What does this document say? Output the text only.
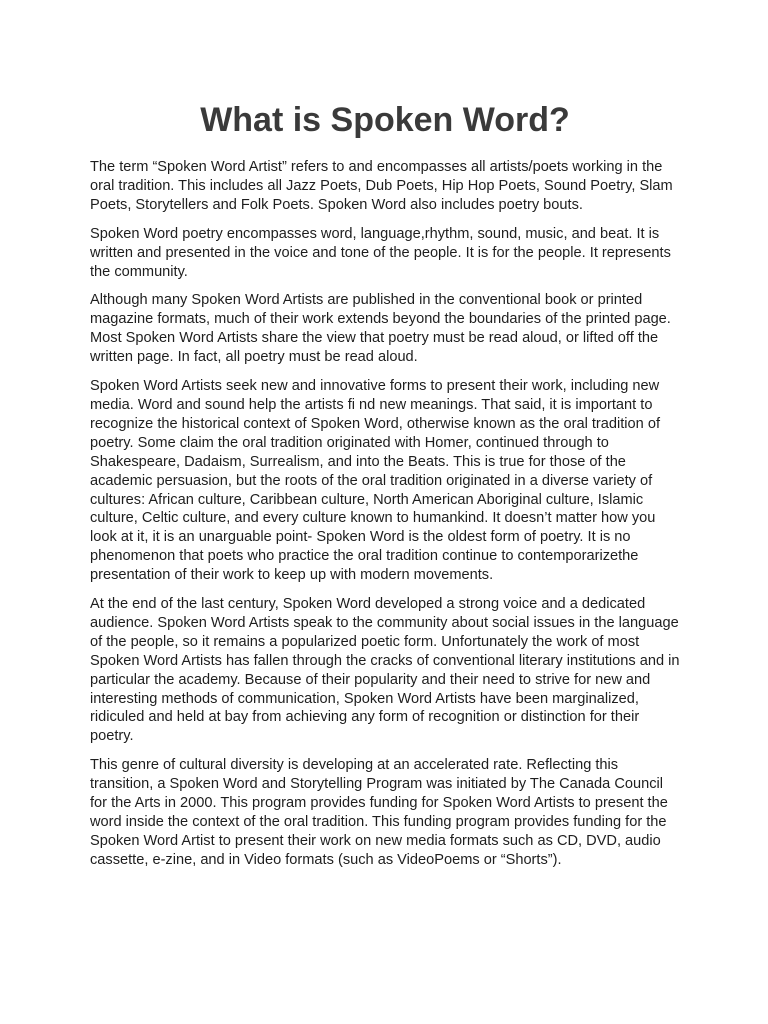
What is Spoken Word?

The term “Spoken Word Artist” refers to and encompasses all artists/poets working in the oral tradition. This includes all Jazz Poets, Dub Poets, Hip Hop Poets, Sound Poetry, Slam Poets, Storytellers and Folk Poets. Spoken Word also includes poetry bouts.

Spoken Word poetry encompasses word, language,rhythm, sound, music, and beat. It is written and presented in the voice and tone of the people. It is for the people. It represents the community.

Although many Spoken Word Artists are published in the conventional book or printed magazine formats, much of their work extends beyond the boundaries of the printed page. Most Spoken Word Artists share the view that poetry must be read aloud, or lifted off the written page. In fact, all poetry must be read aloud.

Spoken Word Artists seek new and innovative forms to present their work, including new media. Word and sound help the artists fi nd new meanings. That said, it is important to recognize the historical context of Spoken Word, otherwise known as the oral tradition of poetry. Some claim the oral tradition originated with Homer, continued through to Shakespeare, Dadaism, Surrealism, and into the Beats. This is true for those of the academic persuasion, but the roots of the oral tradition originated in a diverse variety of cultures: African culture, Caribbean culture, North American Aboriginal culture, Islamic culture, Celtic culture, and every culture known to humankind. It doesn’t matter how you look at it, it is an unarguable point- Spoken Word is the oldest form of poetry. It is no phenomenon that poets who practice the oral tradition continue to contemporarizethe presentation of their work to keep up with modern movements.

At the end of the last century, Spoken Word developed a strong voice and a dedicated audience. Spoken Word Artists speak to the community about social issues in the language of the people, so it remains a popularized poetic form. Unfortunately the work of most Spoken Word Artists has fallen through the cracks of conventional literary institutions and in particular the academy. Because of their popularity and their need to strive for new and interesting methods of communication, Spoken Word Artists have been marginalized, ridiculed and held at bay from achieving any form of recognition or distinction for their poetry.

This genre of cultural diversity is developing at an accelerated rate. Reflecting this transition, a Spoken Word and Storytelling Program was initiated by The Canada Council for the Arts in 2000. This program provides funding for Spoken Word Artists to present the word inside the context of the oral tradition. This funding program provides funding for the Spoken Word Artist to present their work on new media formats such as CD, DVD, audio cassette, e-zine, and in Video formats (such as VideoPoems or “Shorts”).
